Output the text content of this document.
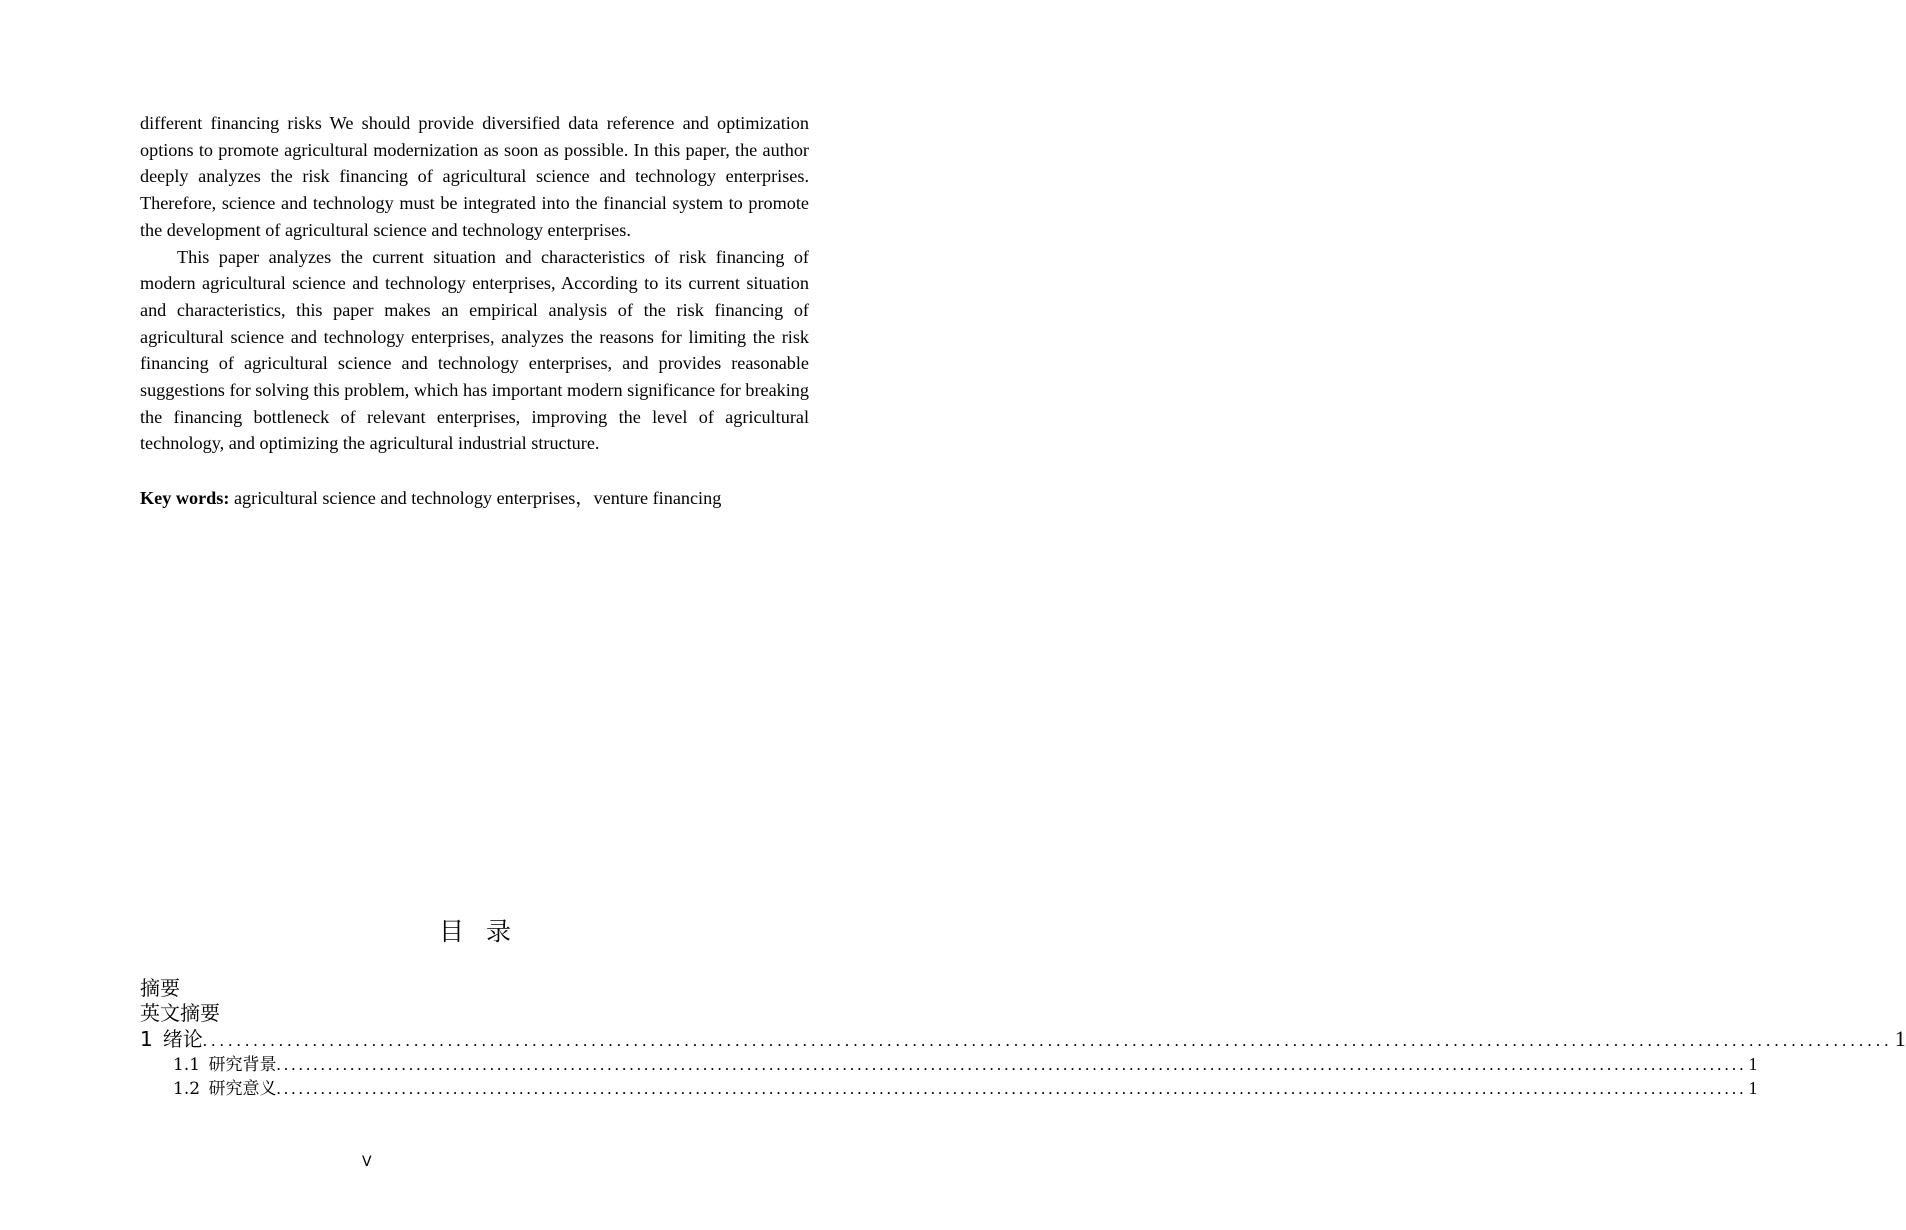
different financing risks We should provide diversified data reference and optimization options to promote agricultural modernization as soon as possible. In this paper, the author deeply analyzes the risk financing of agricultural science and technology enterprises. Therefore, science and technology must be integrated into the financial system to promote the development of agricultural science and technology enterprises.

This paper analyzes the current situation and characteristics of risk financing of modern agricultural science and technology enterprises, According to its current situation and characteristics, this paper makes an empirical analysis of the risk financing of agricultural science and technology enterprises, analyzes the reasons for limiting the risk financing of agricultural science and technology enterprises, and provides reasonable suggestions for solving this problem, which has important modern significance for breaking the financing bottleneck of relevant enterprises, improving the level of agricultural technology, and optimizing the agricultural industrial structure.

Key words: agricultural science and technology enterprises，venture financing
目录
摘要
英文摘要
1 绪论 ........................................................................................................................................................................................................ 1
1.1 研究背景 ........................................................................................................................................................................................................ 1
1.2 研究意义 ........................................................................................................................................................................................................ 1
V
